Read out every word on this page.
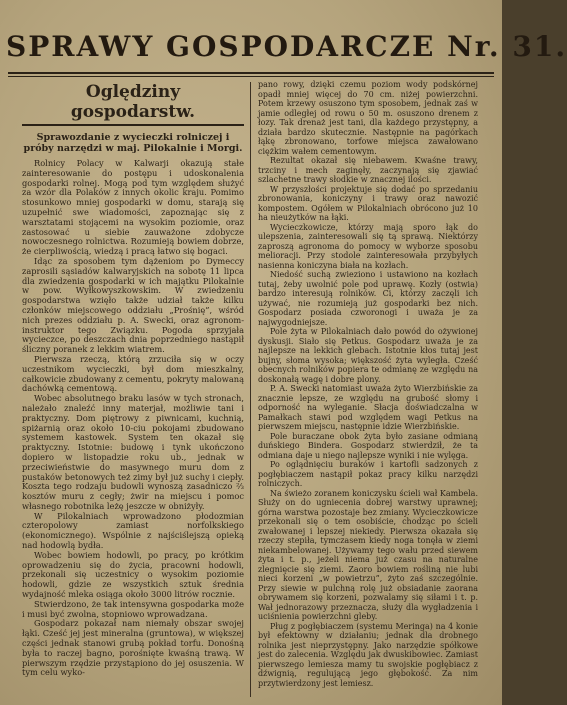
SPRAWY GOSPODARCZE Nr. 31.
Oględziny gospodarstw.
Sprawozdanie z wycieczki rolniczej i próby narzędzi w maj. Pilokalnie i Morgi.

Rolnicy Polacy w Kalwarji okazują stałe zainteresowanie do postępu i udoskonalenia gospodarki rolnej. Mogą pod tym względem służyć za wzór dla Polaków z innych okolic kraju. Pomimo stosunkowo mniej gospodarki w domu, starają się uzupełnić swe wiadomości, zapoznając się z warsztatami stojącemi na wysokim poziomie, oraz zastosować u siebie zauważone zdobycze nowoczesnego rolnictwa. Rozumieją bowiem dobrze, że cierpliwością, wiedzą i pracą łatwo się bogaci.

Idąc za sposobem tym dążeniom po Dymeccy zaprosili sąsiadów kalwaryjskich na sobotę 11 lipca dla zwiedzenia gospodarki w ich majątku Pilokalnie w pow. Wyłkowyszkowskim. W zwiedzeniu gospodarstwa wzięło także udział także kilku członków miejscowego oddziału „Prośnię”, wśród nich prezes oddziału p. A. Swecki, oraz agronom-instruktor tego Związku. Pogoda sprzyjała wycieczce, po deszczach dnia poprzedniego nastąpił śliczny poranek z lekkim wiatrem.

Pierwsza rzeczą, którą zrzuciła się w oczy uczestnikom wycieczki, był dom mieszkalny, całkowicie zbudowany z cementu, pokryty malowaną dachówką cementową.

Wobec absolutnego braku lasów w tych stronach, należało znaleźć inny materjał, możliwie tani i praktyczny. Dom piętrowy z piwnicami, kuchnią, spiżarnią oraz około 10-ciu pokojami zbudowano systemem kastowek. System ten okazał się praktyczny. Istotnie: budowę i tynk ukończono dopiero w listopadzie roku ub., jednak w przeciwieństwie do masywnego muru dom z pustaków betonowych też zimy był już suchy i ciepły. Koszta tego rodzaju budowli wynoszą zasadniczo ⅔ kosztów muru z cegły; żwir na miejscu i pomoc własnego robotnika leżę jeszcze w obniżyły.

W Pilokalniach wprowadzono płodozmian czteropolowy zamiast norfolkskiego (ekonomicznego). Wspólnie z najściślejszą opieką nad hodowlą bydła.

Wobec bowiem hodowli, po pracy, po krótkim oprowadzeniu się do życia, pracowni hodowli, przekonali się uczestnicy o wysokim poziomie hodowli, gdzie ze wszystkich sztuk średnia wydajność mleka osiąga około 3000 litrów rocznie.

Stwierdzono, że tak intensywna gospodarka może i musi być zwolna, stopniowo wprowadzana.

Gospodarz pokazał nam niemały obszar swojej łąki. Cześć jej jest mineralna (gruntowa), w większej części jednak stanowi grubą pokład torfu. Donośną była to raczej bagno, porośnięte kwaśną trawą. W pierwszym rzędzie przystąpiono do jej osuszenia. W tym celu wyko-

pano rowy, dzięki czemu poziom wody podskórnej opadł mniej więcej do 70 cm. niżej powierzchni. Potem krzewy osuszono tym sposobem, jednak zaś w jamie odległej od rowu o 50 m. osuszono drenem z łozy. Tak drenaż jest tani, dla każdego przystępny, a działa bardzo skutecznie. Następnie na pagórkach łąkę zbronowano, torfowe miejsca zawałowano ciężkim wałem cementowym.

Rezultat okazał się niebawem. Kwaśne trawy, trzciny i mech zaginęły, zaczynają się zjawiać szlachetne trawy słodkie w znacznej ilości.

W przyszłości projektuje się dodać po sprzedaniu zbronowania, koniczyny i trawy oraz nawozić kompostem. Ogółem w Pilokalniach obrócono już 10 ha nieużytków na łąki.

Wycieczkowicze, którzy mają sporo łąk do ulepszenia, zainteresowali się tą sprawą. Niektórzy zaproszą agronoma do pomocy w wyborze sposobu melioracji. Przy stodole zainteresowała przybyłych nasienna koniczyna biała na kozłach.

Niedość suchą zwieziono i ustawiono na kozłach tutaj, żeby uwolnić pole pod uprawę. Kozły (ostwia) bardzo interesują rolników. Ci, którzy zaczęli ich używać, nie rozumieją już gospodarki bez nich. Gospodarz posiada czworonogi i uważa je za najwygodniejsze.

Pole żyta w Pilokalniach dało powód do ożywionej dyskusji. Siało się Petkus. Gospodarz uważa je za najlepsze na lekkich glebach. Istotnie kłos tutaj jest bujny, słoma wysoka; większość żyta wyległa. Cześć obecnych rolników popiera te odmianę ze względu na doskonałą wagę i dobre plony.

P. A. Swecki natomiast uważa żyto Wierzbińskie za znacznie lepsze, ze względu na grubość słomy i odporność na wyleganie. Słacja doświadczalna w Pamałkach stawi pod względem wagi Petkus na pierwszem miejscu, następnie idzie Wierzbińskie.

Pole buraczane obok żyta było zasiane odmianą duńskiego Bindera. Gospodarz stwierdził, że ta odmiana daje u niego najlepsze wyniki i nie wylęga.

Po oglądnięciu buraków i kartofli sadzonych z pogłębiaczem nastąpił pokaz pracy kilku narzędzi rolniczych.

Na świeżo zoranem koniczysku ścieli wał Kambela. Służy on do ugniecenia dobrej warstwy uprawnej; górna warstwa pozostaje bez zmiany. Wycieczkowicze przekonali się o tem osobiście, chodząc po ścieli zwałowanej i lepszej niekiedy. Pierwsza okazała się rzeczy stepiła, tymczasem kiedy noga tonęła w ziemi niekambelowanej. Używamy tego wału przed siewem żyta i t. p., jeżeli niema już czasu na naturalne zlegnięcie się ziemi. Zaoro bowiem rośliną nie lubi nieci korzeni „w powietrzu”, żyto zaś szczególnie. Przy siewie w pulchną rolę już obsiadanie zaorana obrywamem się korzeni, pozwalamy się siłami i t. p. Wał jednorazowy przeznacza, służy dla wygładzenia i uciśnienia powierzchni gleby.

Pług z pogłębiaczem (systemu Meringa) na 4 konie był efektowny w działaniu; jednak dla drobnego rolnika jest nieprzystępny. Jako narzędzie spółkowe jest do zalecenia. Względu jak dwuskibowiec. Zamiast pierwszego lemiesza mamy tu swojskie pogłębiacz z dźwignią, regulującą jego głębokość. Za nim przytwierdzony jest lemiesz.
